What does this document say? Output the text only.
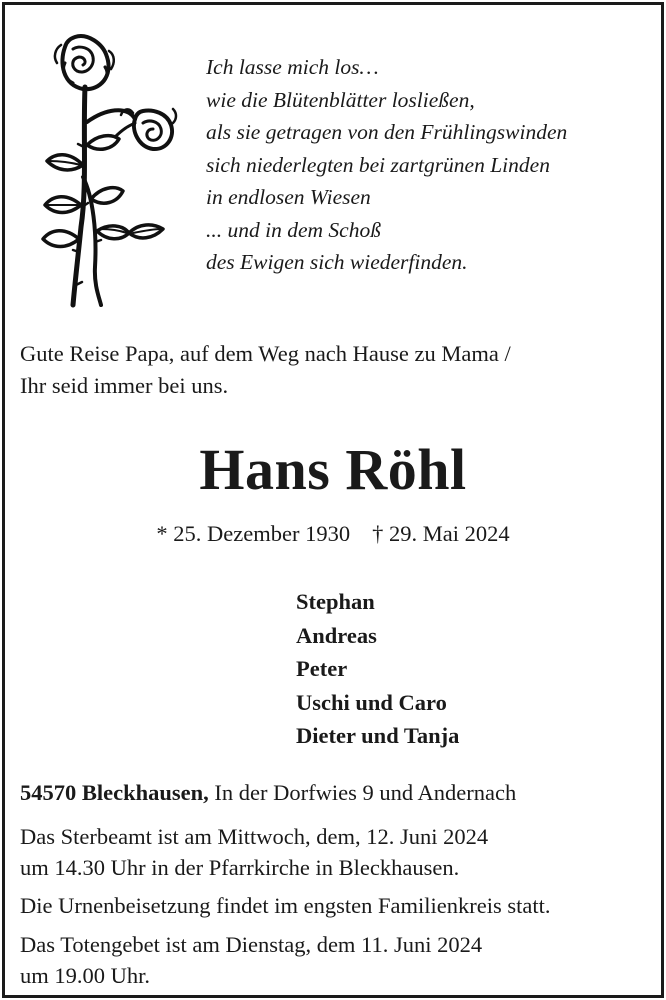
Ich lasse mich los…
wie die Blütenblätter losließen,
als sie getragen von den Frühlingswinden
sich niederlegten bei zartgrünen Linden
in endlosen Wiesen
... und in dem Schoß
des Ewigen sich wiederfinden.
Gute Reise Papa, auf dem Weg nach Hause zu Mama /
Ihr seid immer bei uns.
Hans Röhl
* 25. Dezember 1930 † 29. Mai 2024
Stephan
Andreas
Peter
Uschi und Caro
Dieter und Tanja
54570 Bleckhausen, In der Dorfwies 9 und Andernach
Das Sterbeamt ist am Mittwoch, dem, 12. Juni 2024
um 14.30 Uhr in der Pfarrkirche in Bleckhausen.
Die Urnenbeisetzung findet im engsten Familienkreis statt.
Das Totengebet ist am Dienstag, dem 11. Juni 2024
um 19.00 Uhr.
